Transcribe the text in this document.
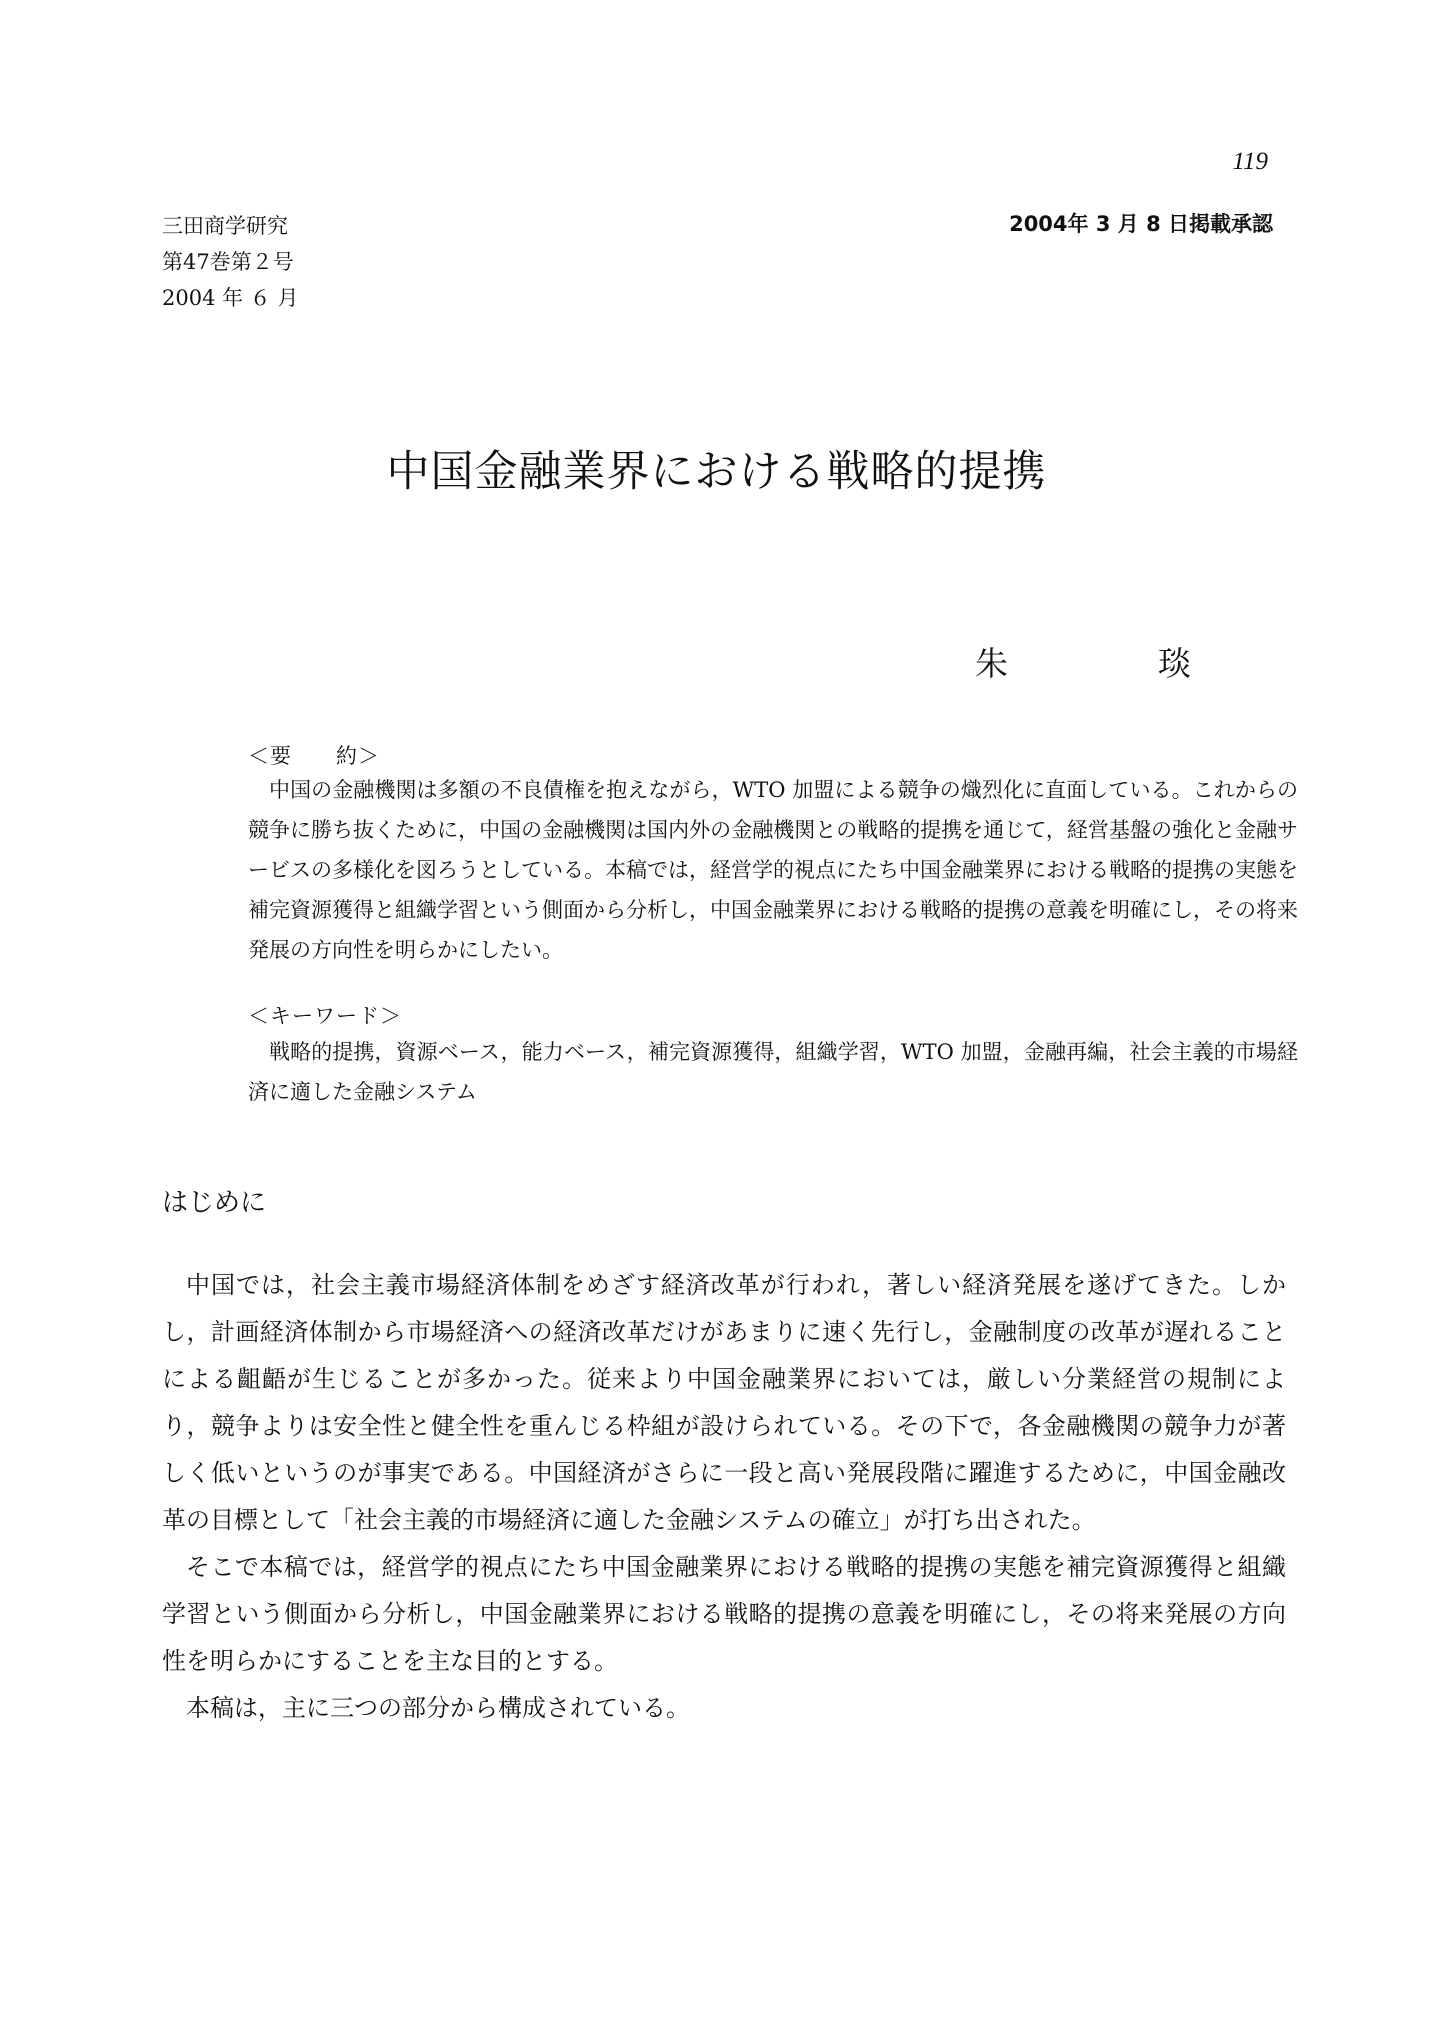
119
三田商学研究
第47巻第２号
2004 年 ６ 月
2004年 3 月 8 日掲載承認
中国金融業界における戦略的提携
朱	琰
＜要　　約＞
中国の金融機関は多額の不良債権を抱えながら，WTO 加盟による競争の熾烈化に直面している。これからの競争に勝ち抜くために，中国の金融機関は国内外の金融機関との戦略的提携を通じて，経営基盤の強化と金融サービスの多様化を図ろうとしている。本稿では，経営学的視点にたち中国金融業界における戦略的提携の実態を補完資源獲得と組織学習という側面から分析し，中国金融業界における戦略的提携の意義を明確にし，その将来発展の方向性を明らかにしたい。
＜キーワード＞
戦略的提携，資源ベース，能力ベース，補完資源獲得，組織学習，WTO 加盟，金融再編，社会主義的市場経済に適した金融システム
はじめに

中国では，社会主義市場経済体制をめざす経済改革が行われ，著しい経済発展を遂げてきた。しかし，計画経済体制から市場経済への経済改革だけがあまりに速く先行し，金融制度の改革が遅れることによる齟齬が生じることが多かった。従来より中国金融業界においては，厳しい分業経営の規制により，競争よりは安全性と健全性を重んじる枠組が設けられている。その下で，各金融機関の競争力が著しく低いというのが事実である。中国経済がさらに一段と高い発展段階に躍進するために，中国金融改革の目標として「社会主義的市場経済に適した金融システムの確立」が打ち出された。

そこで本稿では，経営学的視点にたち中国金融業界における戦略的提携の実態を補完資源獲得と組織学習という側面から分析し，中国金融業界における戦略的提携の意義を明確にし，その将来発展の方向性を明らかにすることを主な目的とする。

本稿は，主に三つの部分から構成されている。
